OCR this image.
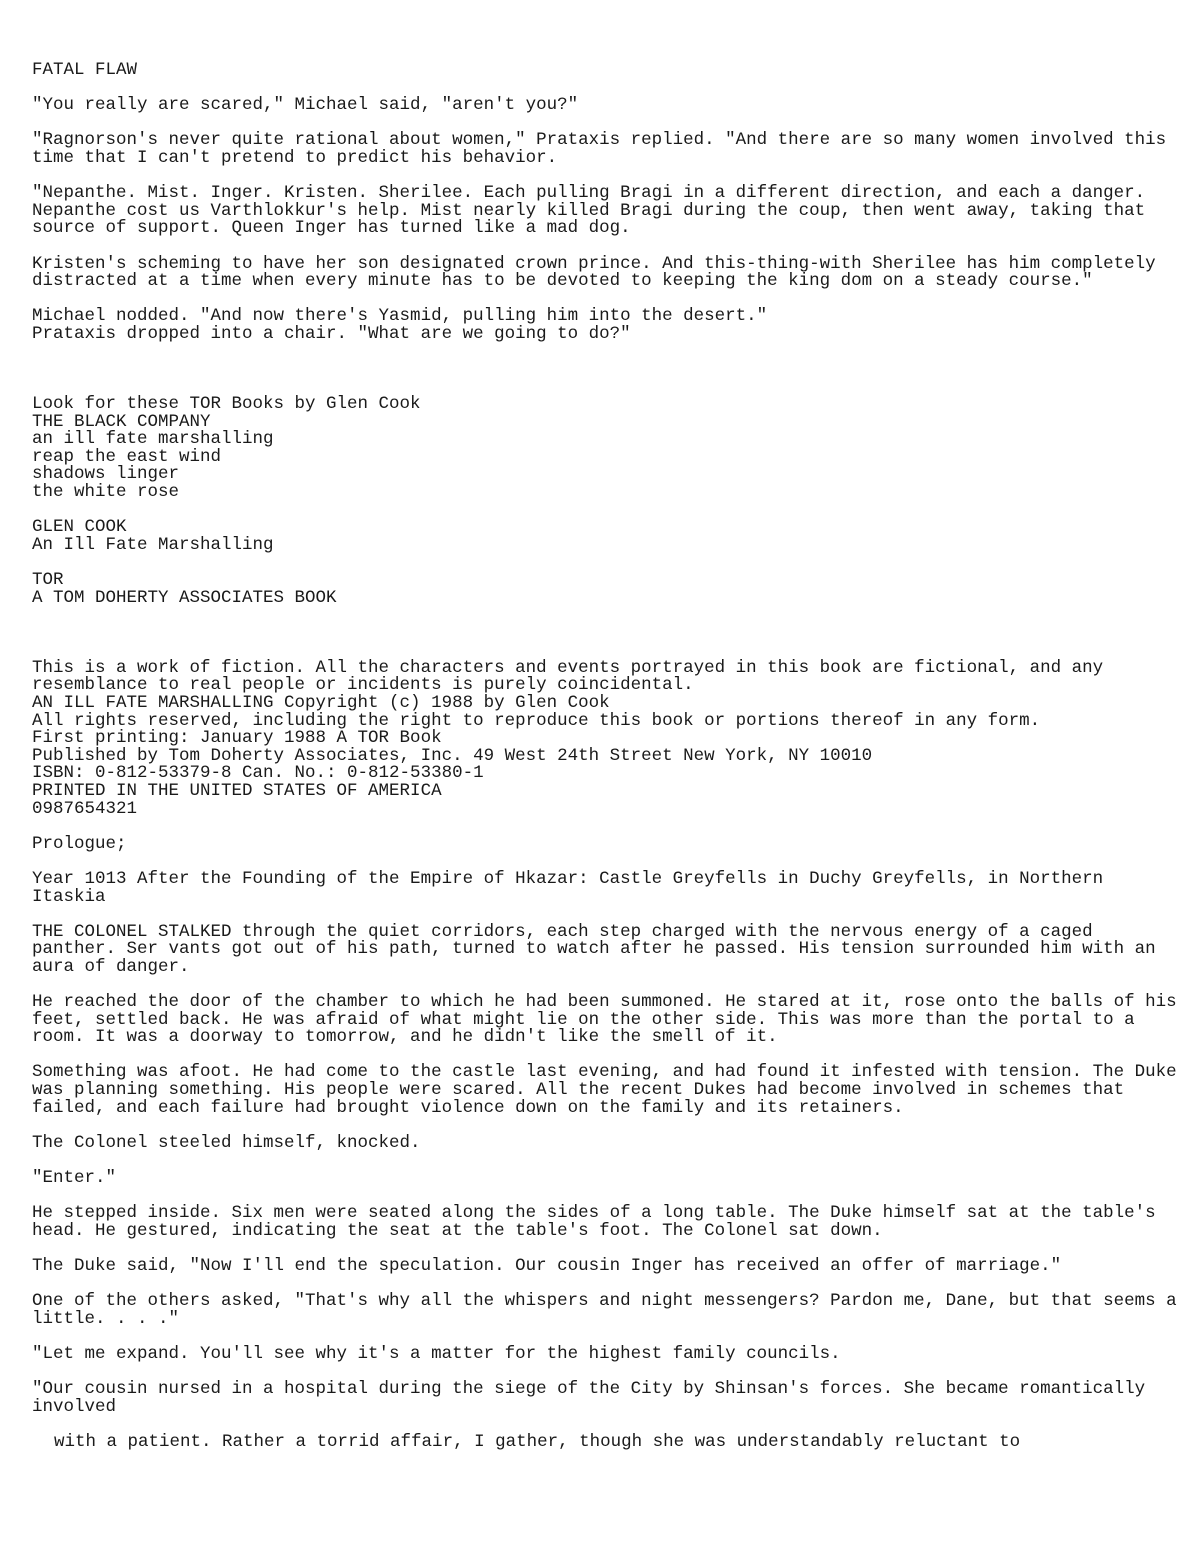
FATAL FLAW
"You really are scared," Michael said, "aren't you?"
"Ragnorson's never quite rational about women," Prataxis replied. "And there are so many women involved this time that I can't pretend to predict his behavior.
"Nepanthe. Mist. Inger. Kristen. Sherilee. Each pulling Bragi in a different direction, and each a danger. Nepanthe cost us Varthlokkur's help. Mist nearly killed Bragi during the coup, then went away, taking that source of support. Queen Inger has turned like a mad dog.
Kristen's scheming to have her son designated crown prince. And this-thing-with Sherilee has him completely distracted at a time when every minute has to be devoted to keeping the king dom on a steady course."
Michael nodded. "And now there's Yasmid, pulling him into the desert."
Prataxis dropped into a chair. "What are we going to do?"
Look for these TOR Books by Glen Cook
THE BLACK COMPANY
an ill fate marshalling
reap the east wind
shadows linger
the white rose
GLEN COOK
An Ill Fate Marshalling
TOR
A TOM DOHERTY ASSOCIATES BOOK
This is a work of fiction. All the characters and events portrayed in this book are fictional, and any resemblance to real people or incidents is purely coincidental.
AN ILL FATE MARSHALLING Copyright (c) 1988 by Glen Cook
All rights reserved, including the right to reproduce this book or portions thereof in any form.
First printing: January 1988 A TOR Book
Published by Tom Doherty Associates, Inc. 49 West 24th Street New York, NY 10010
ISBN: 0-812-53379-8 Can. No.: 0-812-53380-1
PRINTED IN THE UNITED STATES OF AMERICA
0987654321
Prologue;
Year 1013 After the Founding of the Empire of Hkazar: Castle Greyfells in Duchy Greyfells, in Northern Itaskia
THE COLONEL STALKED through the quiet corridors, each step charged with the nervous energy of a caged panther. Ser vants got out of his path, turned to watch after he passed. His tension surrounded him with an aura of danger.
He reached the door of the chamber to which he had been summoned. He stared at it, rose onto the balls of his feet, settled back. He was afraid of what might lie on the other side. This was more than the portal to a room. It was a doorway to tomorrow, and he didn't like the smell of it.
Something was afoot. He had come to the castle last evening, and had found it infested with tension. The Duke was planning something. His people were scared. All the recent Dukes had become involved in schemes that failed, and each failure had brought violence down on the family and its retainers.
The Colonel steeled himself, knocked.
"Enter."
He stepped inside. Six men were seated along the sides of a long table. The Duke himself sat at the table's head. He gestured, indicating the seat at the table's foot. The Colonel sat down.
The Duke said, "Now I'll end the speculation. Our cousin Inger has received an offer of marriage."
One of the others asked, "That's why all the whispers and night messengers? Pardon me, Dane, but that seems a little. . . ."
"Let me expand. You'll see why it's a matter for the highest family councils.
"Our cousin nursed in a hospital during the siege of the City by Shinsan's forces. She became romantically involved
with a patient. Rather a torrid affair, I gather, though she was understandably reluctant to
